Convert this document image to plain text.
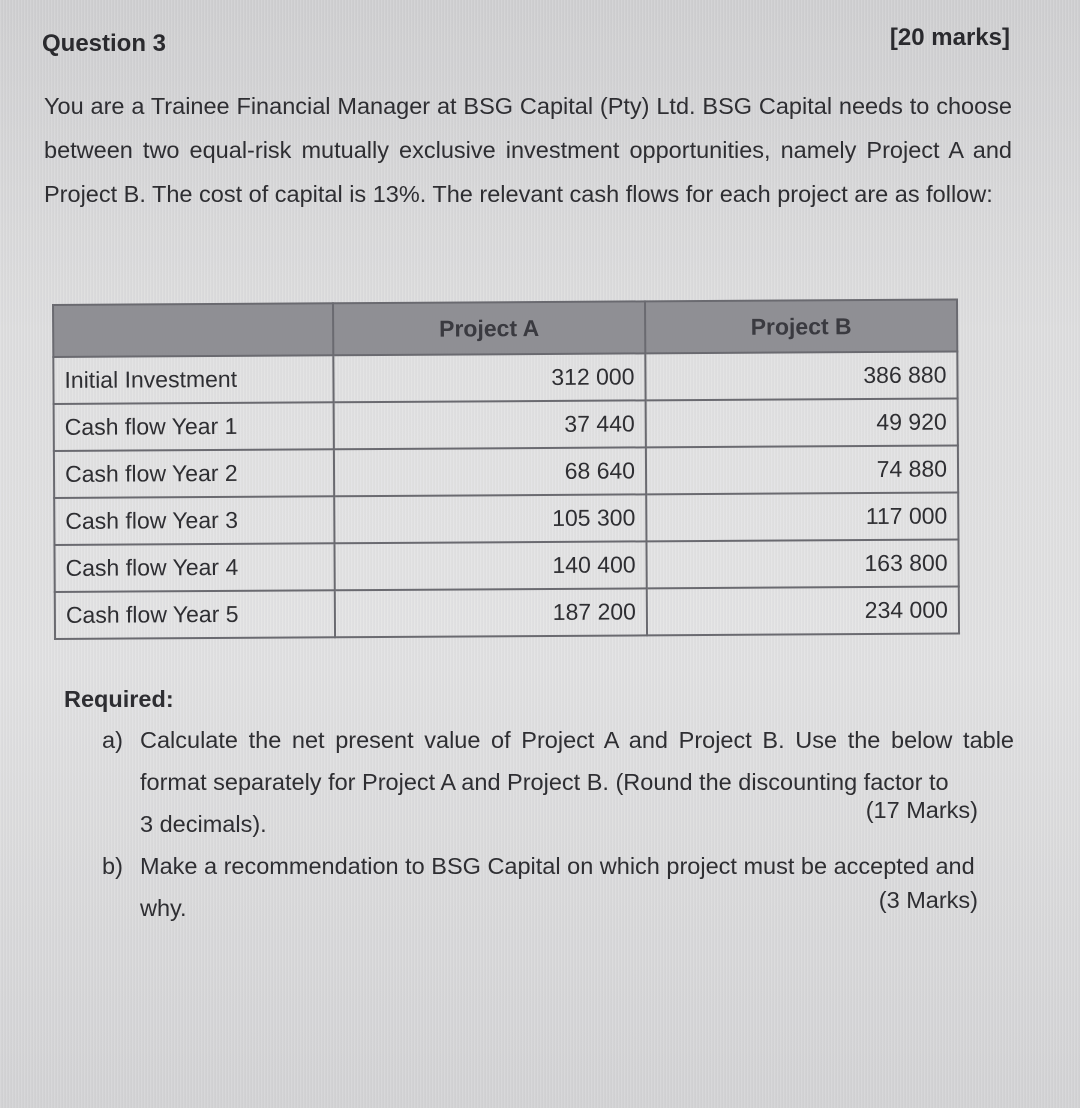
Question 3	[20 marks]

You are a Trainee Financial Manager at BSG Capital (Pty) Ltd. BSG Capital needs to choose between two equal-risk mutually exclusive investment opportunities, namely Project A and Project B. The cost of capital is 13%. The relevant cash flows for each project are as follow:

	Project A	Project B
Initial Investment	312 000	386 880
Cash flow Year 1	37 440	49 920
Cash flow Year 2	68 640	74 880
Cash flow Year 3	105 300	117 000
Cash flow Year 4	140 400	163 800
Cash flow Year 5	187 200	234 000
Required:
a) Calculate the net present value of Project A and Project B. Use the below table format separately for Project A and Project B. (Round the discounting factor to
3 decimals).
(17 Marks)
b) Make a recommendation to BSG Capital on which project must be accepted and
why.	(3 Marks)
